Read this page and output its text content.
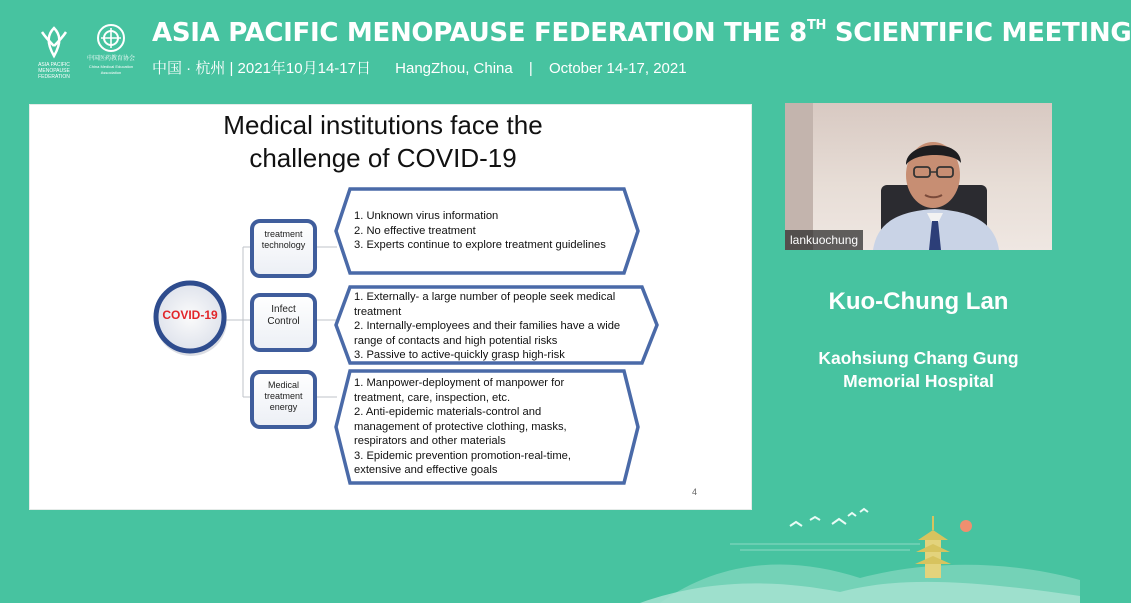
ASIA PACIFIC MENOPAUSE FEDERATION
中国医药教育协会
China Medical Education Association
ASIA PACIFIC MENOPAUSE FEDERATION THE 8TH SCIENTIFIC MEETING
中国 · 杭州 | 2021年10月14-17日 HangZhou, China | October 14-17, 2021
Medical institutions face the
challenge of COVID-19
COVID-19
treatment
technology
Infect
Control
Medical
treatment
energy
1. Unknown virus information
2. No effective treatment
3. Experts continue to explore treatment guidelines
1. Externally- a large number of people seek medical
treatment
2. Internally-employees and their families have a wide
range of contacts and high potential risks
3. Passive to active-quickly grasp high-risk
1. Manpower-deployment of manpower for
treatment, care, inspection, etc.
2. Anti-epidemic materials-control and
management of protective clothing, masks,
respirators and other materials
3. Epidemic prevention promotion-real-time,
extensive and effective goals
4
lankuochung
Kuo-Chung Lan
Kaohsiung Chang Gung
Memorial Hospital
